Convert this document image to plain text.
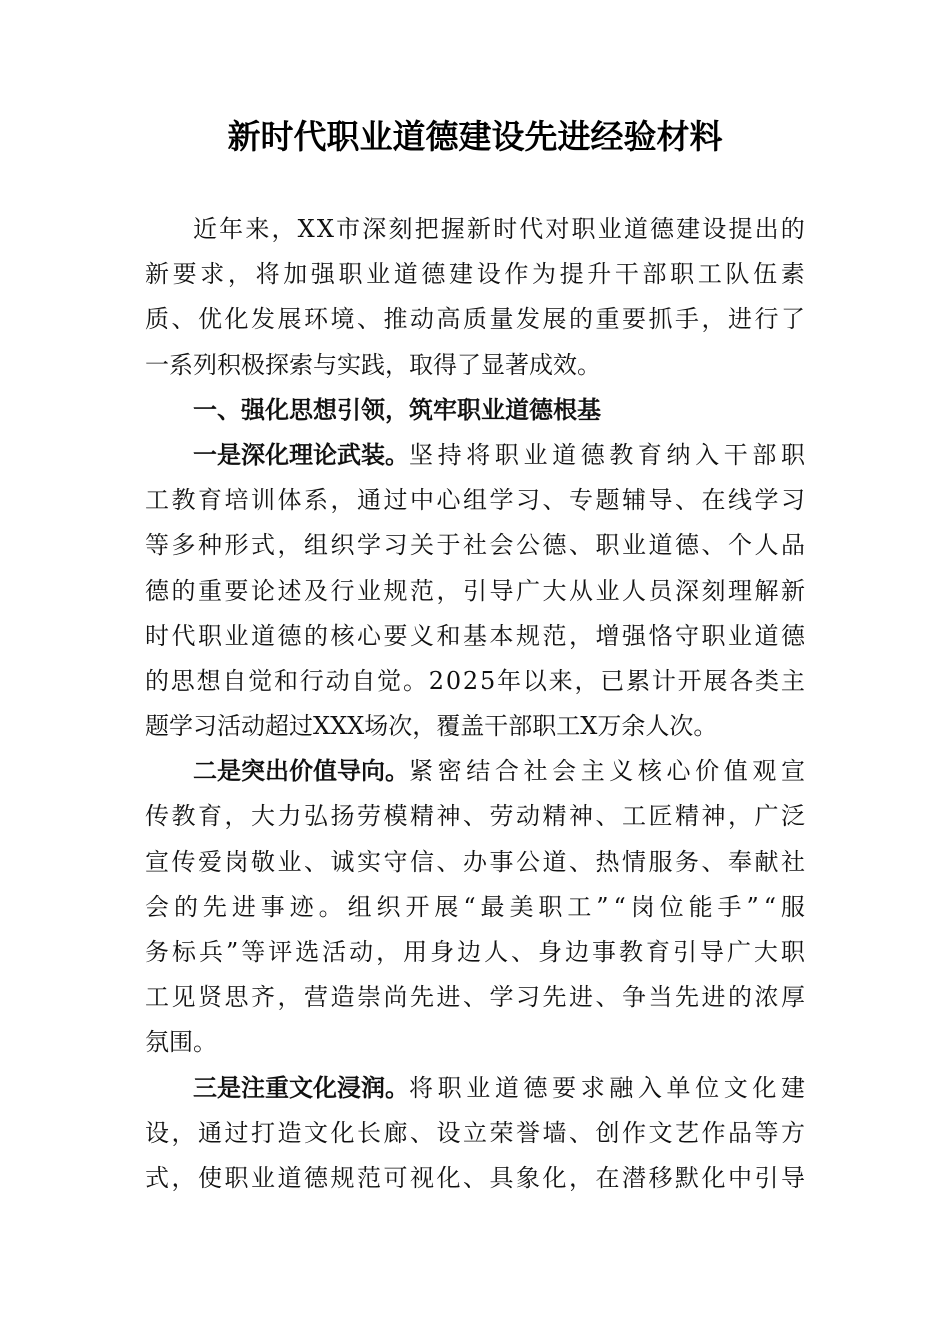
新时代职业道德建设先进经验材料
近 年 来 ， X X 市 深 刻 把 握 新 时 代 对 职 业 道 德 建 设 提 出 的
新 要 求 ， 将 加 强 职 业 道 德 建 设 作 为 提 升 干 部 职 工 队 伍 素
质 、 优 化 发 展 环 境 、 推 动 高 质 量 发 展 的 重 要 抓 手 ， 进 行 了
一系列积极探索与实践，取得了显著成效。
一、强化思想引领，筑牢职业道德根基
一是深化理论武装。 坚持将职业道德教育纳入干部职
工 教 育 培 训 体 系 ， 通 过 中 心 组 学 习 、 专 题 辅 导 、 在 线 学 习
等 多 种 形 式 ， 组 织 学 习 关 于 社 会 公 德 、 职 业 道 德 、 个 人 品
德 的 重 要 论 述 及 行 业 规 范 ， 引 导 广 大 从 业 人 员 深 刻 理 解 新
时 代 职 业 道 德 的 核 心 要 义 和 基 本 规 范 ， 增 强 恪 守 职 业 道 德
的 思 想 自 觉 和 行 动 自 觉 。 2 0 2 5 年 以 来 ， 已 累 计 开 展 各 类 主
题学习活动超过XXX场次，覆盖干部职工X万余人次。
二是突出价值导向。 紧密结合社会主义核心价值观宣
传 教 育 ， 大 力 弘 扬 劳 模 精 神 、 劳 动 精 神 、 工 匠 精 神 ， 广 泛
宣 传 爱 岗 敬 业 、 诚 实 守 信 、 办 事 公 道 、 热 情 服 务 、 奉 献 社
会 的 先 进 事 迹 。 组 织 开 展 “ 最 美 职 工 ” “ 岗 位 能 手 ” “ 服
务 标 兵 ” 等 评 选 活 动 ， 用 身 边 人 、 身 边 事 教 育 引 导 广 大 职
工 见 贤 思 齐 ， 营 造 崇 尚 先 进 、 学 习 先 进 、 争 当 先 进 的 浓 厚
氛围。
三是注重文化浸润。 将职业道德要求融入单位文化建
设 ， 通 过 打 造 文 化 长 廊 、 设 立 荣 誉 墙 、 创 作 文 艺 作 品 等 方
式 ， 使 职 业 道 德 规 范 可 视 化 、 具 象 化 ， 在 潜 移 默 化 中 引 导
